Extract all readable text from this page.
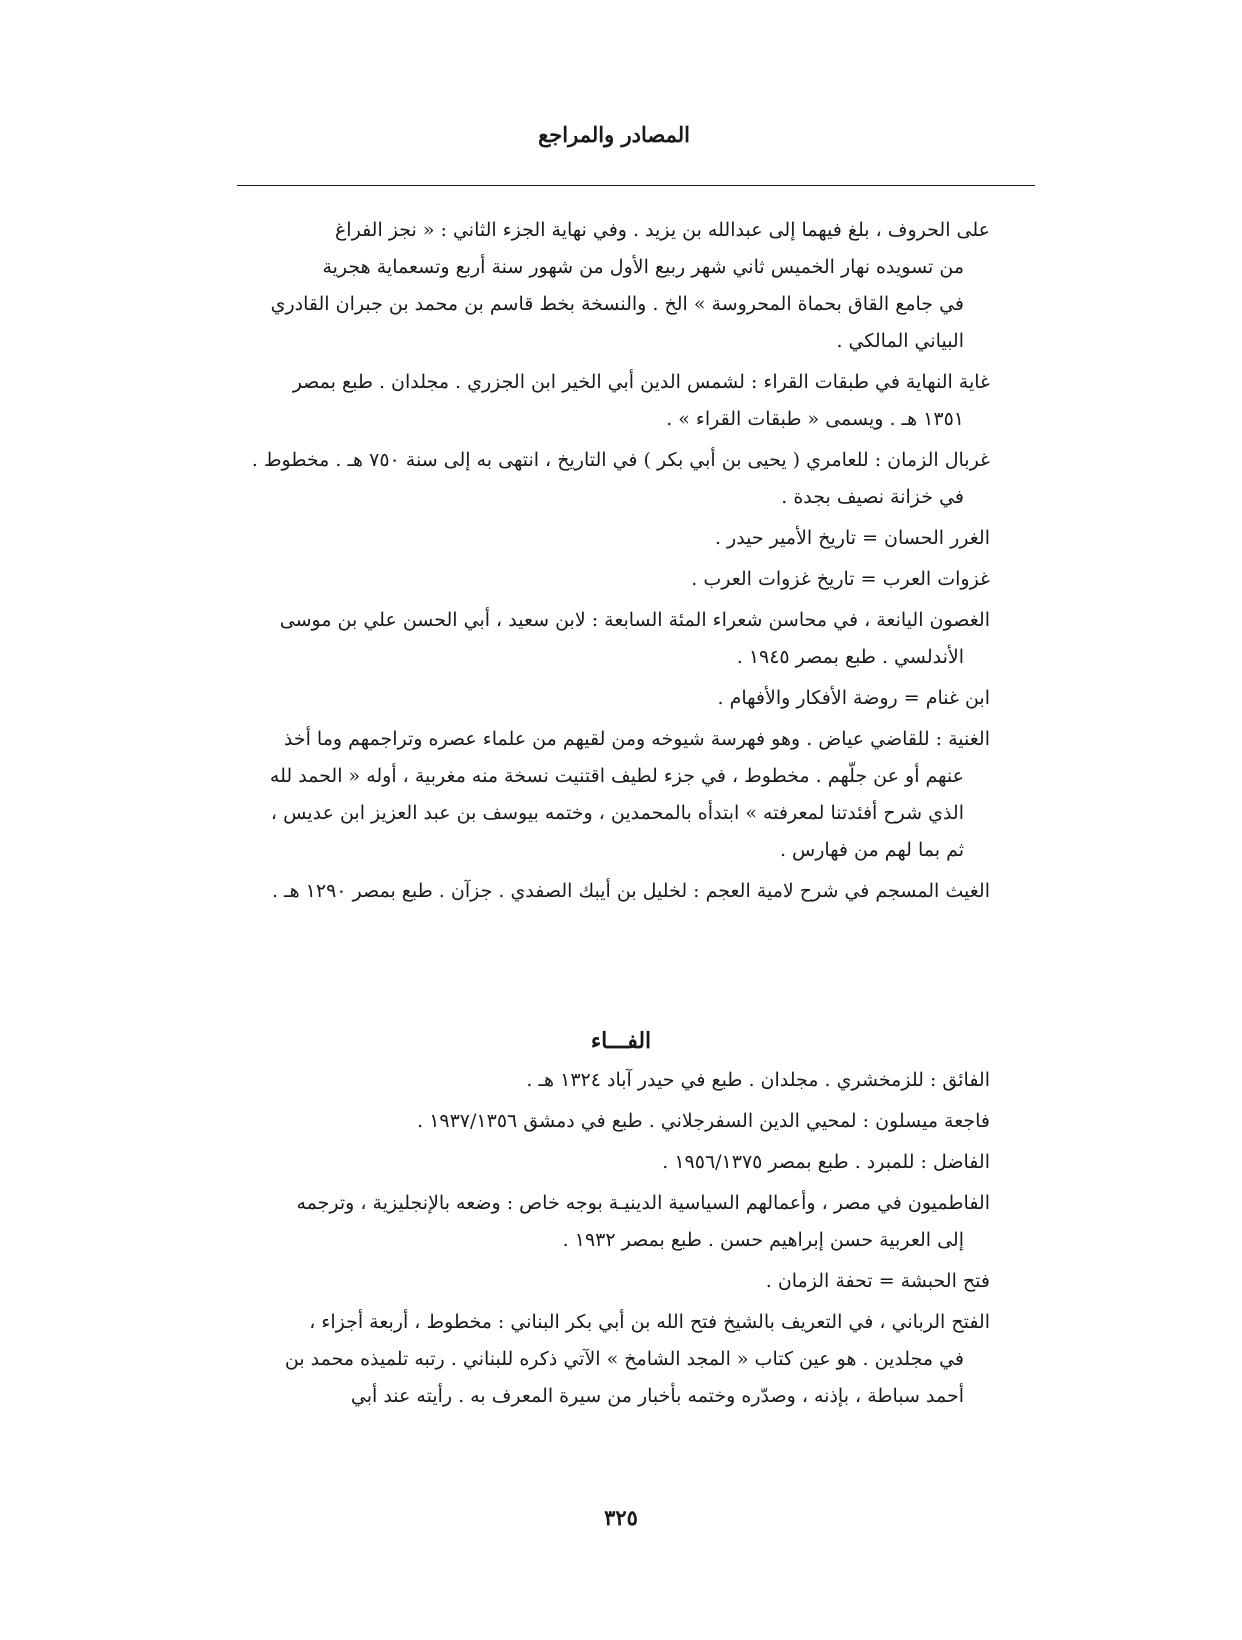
المصادر والمراجع
على الحروف ، بلغ فيهما إلى عبدالله بن يزيد . وفي نهاية الجزء الثاني : « نجز الفراغ
من تسويده نهار الخميس ثاني شهر ربيع الأول من شهور سنة أربع وتسعماية هجرية
في جامع القاق بحماة المحروسة » الخ . والنسخة بخط قاسم بن محمد بن جبران القادري
البياني المالكي .
غاية النهاية في طبقات القراء : لشمس الدين أبي الخير ابن الجزري . مجلدان . طبع بمصر
١٣٥١ هـ . ويسمى « طبقات القراء » .
غربال الزمان : للعامري ( يحيى بن أبي بكر ) في التاريخ ، انتهى به إلى سنة ٧٥٠ هـ . مخطوط .
في خزانة نصيف بجدة .
الغرر الحسان = تاريخ الأمير حيدر .
غزوات العرب = تاريخ غزوات العرب .
الغصون اليانعة ، في محاسن شعراء المئة السابعة : لابن سعيد ، أبي الحسن علي بن موسى
الأندلسي . طبع بمصر ١٩٤٥ .
ابن غنام = روضة الأفكار والأفهام .
الغنية : للقاضي عياض . وهو فهرسة شيوخه ومن لقيهم من علماء عصره وتراجمهم وما أخذ
عنهم أو عن جلّهم . مخطوط ، في جزء لطيف اقتنيت نسخة منه مغربية ، أوله « الحمد لله
الذي شرح أفئدتنا لمعرفته » ابتدأه بالمحمدين ، وختمه بيوسف بن عبد العزيز ابن عديس ،
ثم بما لهم من فهارس .
الغيث المسجم في شرح لامية العجم : لخليل بن أيبك الصفدي . جزآن . طبع بمصر ١٢٩٠ هـ .
الفـــاء
الفائق : للزمخشري . مجلدان . طبع في حيدر آباد ١٣٢٤ هـ .
فاجعة ميسلون : لمحيي الدين السفرجلاني . طبع في دمشق ١٩٣٧/١٣٥٦ .
الفاضل : للمبرد . طبع بمصر ١٩٥٦/١٣٧٥ .
الفاطميون في مصر ، وأعمالهم السياسية الدينيـة بوجه خاص : وضعه بالإنجليزية ، وترجمه
إلى العربية حسن إبراهيم حسن . طبع بمصر ١٩٣٢ .
فتح الحبشة = تحفة الزمان .
الفتح الرباني ، في التعريف بالشيخ فتح الله بن أبي بكر البناني : مخطوط ، أربعة أجزاء ،
في مجلدين . هو عين كتاب « المجد الشامخ » الآتي ذكره للبناني . رتبه تلميذه محمد بن
أحمد سباطة ، بإذنه ، وصدّره وختمه بأخبار من سيرة المعرف به . رأيته عند أبي
٣٢٥
